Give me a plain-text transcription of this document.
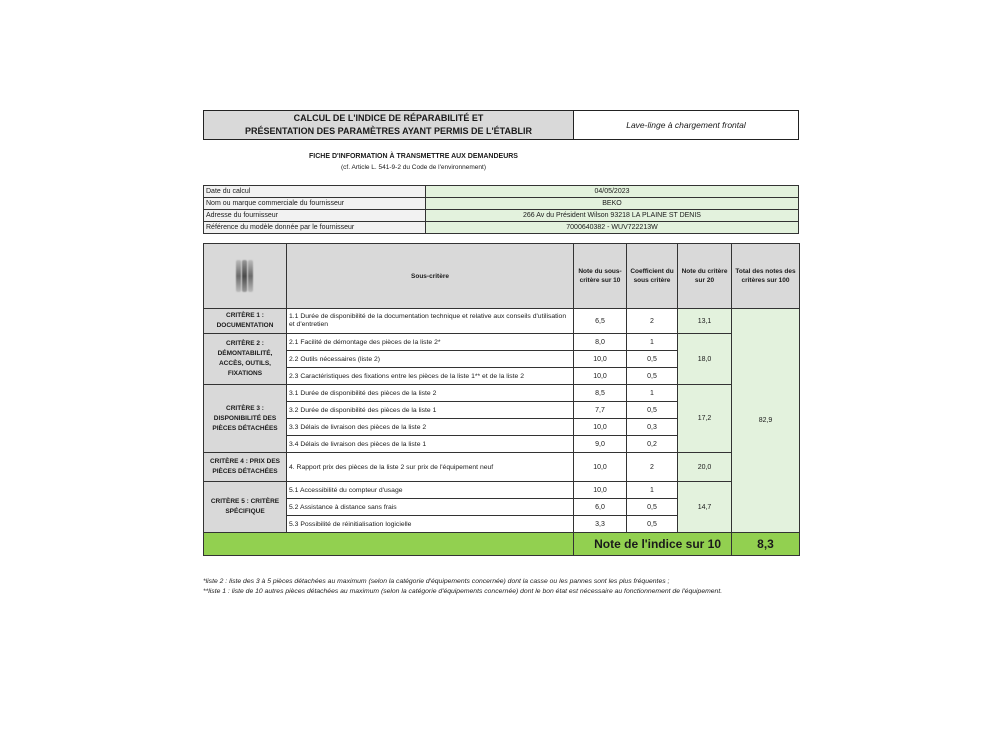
CALCUL DE L'INDICE DE RÉPARABILITÉ ET
PRÉSENTATION DES PARAMÈTRES AYANT PERMIS DE L'ÉTABLIR
Lave-linge à chargement frontal
FICHE D'INFORMATION À TRANSMETTRE AUX DEMANDEURS
(cf. Article L. 541-9-2 du Code de l'environnement)
Date du calcul	04/05/2023
Nom ou marque commerciale du fournisseur	BEKO
Adresse du fournisseur	266 Av du Président Wilson 93218 LA PLAINE ST DENIS
Référence du modèle donnée par le fournisseur	7000640382 - WUV722213W
	Sous-critère	Note du sous-critère sur 10	Coefficient du sous critère	Note du critère sur 20	Total des notes des critères sur 100
CRITÈRE 1 : DOCUMENTATION	1.1 Durée de disponibilité de la documentation technique et relative aux conseils d'utilisation et d'entretien	6,5	2	13,1	82,9
CRITÈRE 2 : DÉMONTABILITÉ, ACCÈS, OUTILS, FIXATIONS	2.1 Facilité de démontage des pièces de la liste 2*	8,0	1	18,0	
	2.2 Outils nécessaires (liste 2)	10,0	0,5		
	2.3 Caractéristiques des fixations entre les pièces de la liste 1** et de la liste 2	10,0	0,5		
CRITÈRE 3 : DISPONIBILITÉ DES PIÈCES DÉTACHÉES	3.1 Durée de disponibilité des pièces de la liste 2	8,5	1	17,2	
	3.2 Durée de disponibilité des pièces de la liste 1	7,7	0,5		
	3.3 Délais de livraison des pièces de la liste 2	10,0	0,3		
	3.4 Délais de livraison des pièces de la liste 1	9,0	0,2		
CRITÈRE 4 : PRIX DES PIÈCES DÉTACHÉES	4. Rapport prix des pièces de la liste 2 sur prix de l'équipement neuf	10,0	2	20,0	
CRITÈRE 5 : CRITÈRE SPÉCIFIQUE	5.1 Accessibilité du compteur d'usage	10,0	1	14,7	
	5.2 Assistance à distance sans frais	6,0	0,5		
	5.3 Possibilité de réinitialisation logicielle	3,3	0,5		
		Note de l'indice sur 10			8,3

*liste 2 : liste des 3 à 5 pièces détachées au maximum (selon la catégorie d'équipements concernée) dont la casse ou les pannes sont les plus fréquentes ;

**liste 1 : liste de 10 autres pièces détachées au maximum (selon la catégorie d'équipements concernée) dont le bon état est nécessaire au fonctionnement de l'équipement.
